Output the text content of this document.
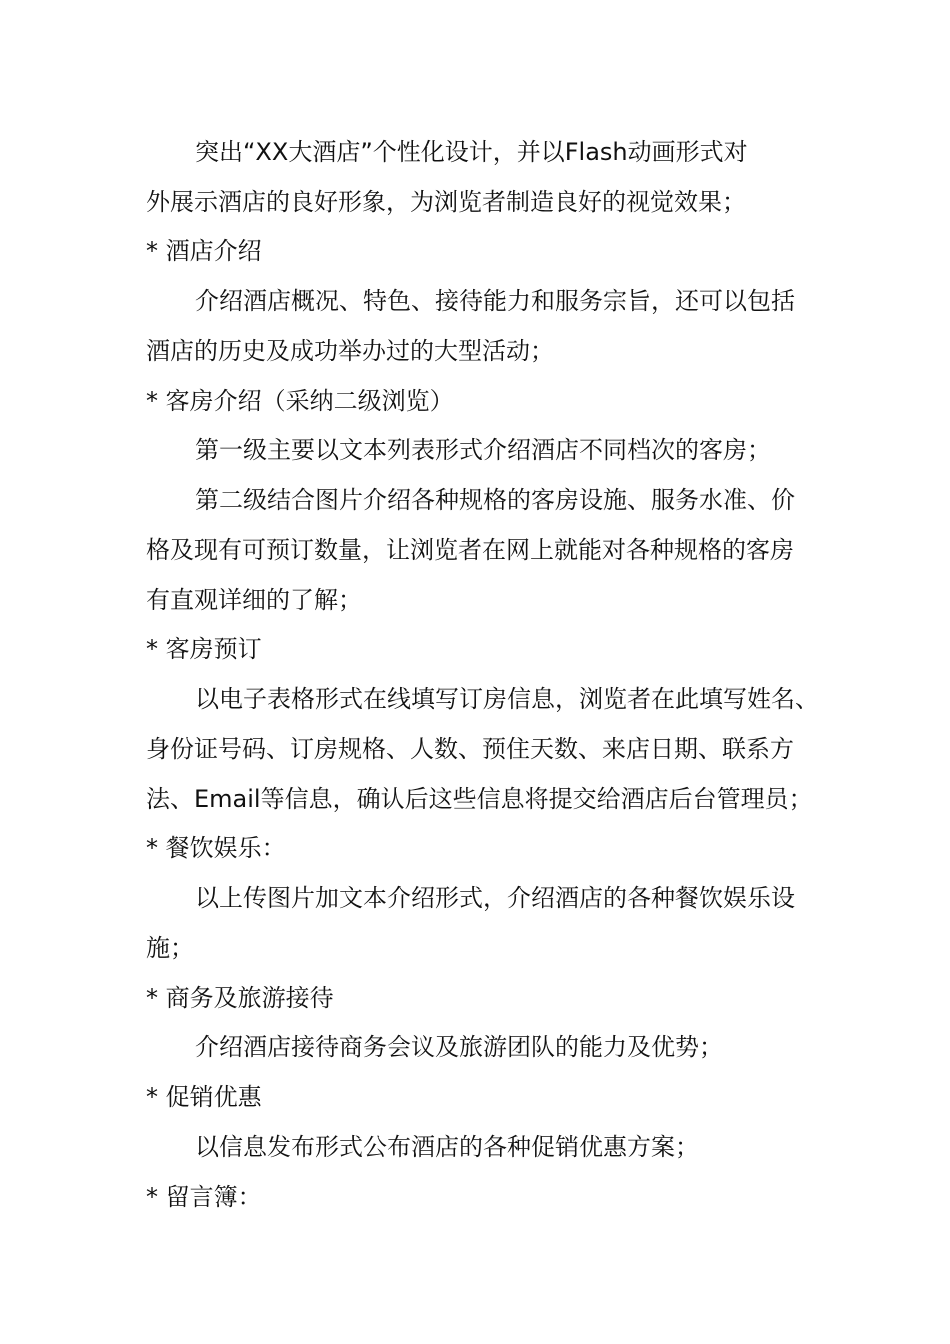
突出“XX大酒店”个性化设计，并以Flash动画形式对
外展示酒店的良好形象，为浏览者制造良好的视觉效果；
* 酒店介绍
介绍酒店概况、特色、接待能力和服务宗旨，还可以包括
酒店的历史及成功举办过的大型活动；
* 客房介绍（采纳二级浏览）
第一级主要以文本列表形式介绍酒店不同档次的客房；
第二级结合图片介绍各种规格的客房设施、服务水准、价
格及现有可预订数量，让浏览者在网上就能对各种规格的客房
有直观详细的了解；
* 客房预订
以电子表格形式在线填写订房信息，浏览者在此填写姓名、
身份证号码、订房规格、人数、预住天数、来店日期、联系方
法、Email等信息，确认后这些信息将提交给酒店后台管理员；
* 餐饮娱乐：
以上传图片加文本介绍形式，介绍酒店的各种餐饮娱乐设
施；
* 商务及旅游接待
介绍酒店接待商务会议及旅游团队的能力及优势；
* 促销优惠
以信息发布形式公布酒店的各种促销优惠方案；
* 留言簿：
